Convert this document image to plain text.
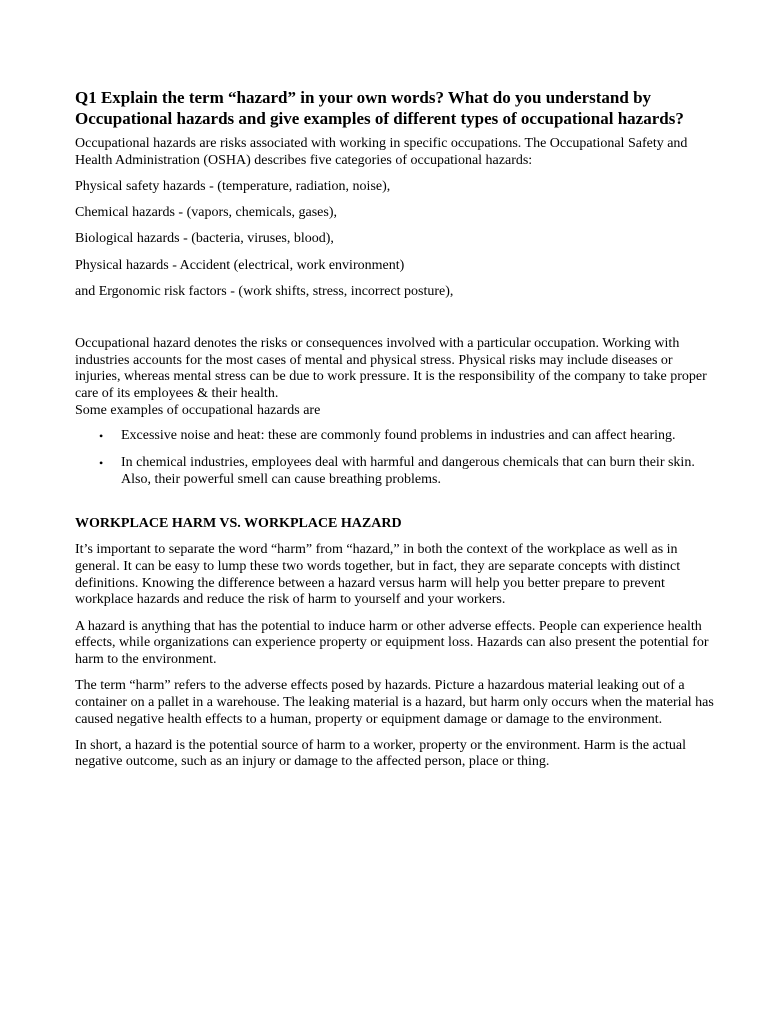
Q1 Explain the term “hazard” in your own words? What do you understand by Occupational hazards and give examples of different types of occupational hazards?

Occupational hazards are risks associated with working in specific occupations. The Occupational Safety and Health Administration (OSHA) describes five categories of occupational hazards:

Physical safety hazards - (temperature, radiation, noise),

Chemical hazards - (vapors, chemicals, gases),

Biological hazards - (bacteria, viruses, blood),

Physical hazards - Accident (electrical, work environment)

and Ergonomic risk factors - (work shifts, stress, incorrect posture),

Occupational hazard denotes the risks or consequences involved with a particular occupation. Working with industries accounts for the most cases of mental and physical stress. Physical risks may include diseases or injuries, whereas mental stress can be due to work pressure. It is the responsibility of the company to take proper care of its employees & their health.

Some examples of occupational hazards are

• Excessive noise and heat: these are commonly found problems in industries and can affect hearing.
• In chemical industries, employees deal with harmful and dangerous chemicals that can burn their skin. Also, their powerful smell can cause breathing problems.
WORKPLACE HARM VS. WORKPLACE HAZARD

It’s important to separate the word “harm” from “hazard,” in both the context of the workplace as well as in general. It can be easy to lump these two words together, but in fact, they are separate concepts with distinct definitions. Knowing the difference between a hazard versus harm will help you better prepare to prevent workplace hazards and reduce the risk of harm to yourself and your workers.

A hazard is anything that has the potential to induce harm or other adverse effects. People can experience health effects, while organizations can experience property or equipment loss. Hazards can also present the potential for harm to the environment.

The term “harm” refers to the adverse effects posed by hazards. Picture a hazardous material leaking out of a container on a pallet in a warehouse. The leaking material is a hazard, but harm only occurs when the material has caused negative health effects to a human, property or equipment damage or damage to the environment.

In short, a hazard is the potential source of harm to a worker, property or the environment. Harm is the actual negative outcome, such as an injury or damage to the affected person, place or thing.
